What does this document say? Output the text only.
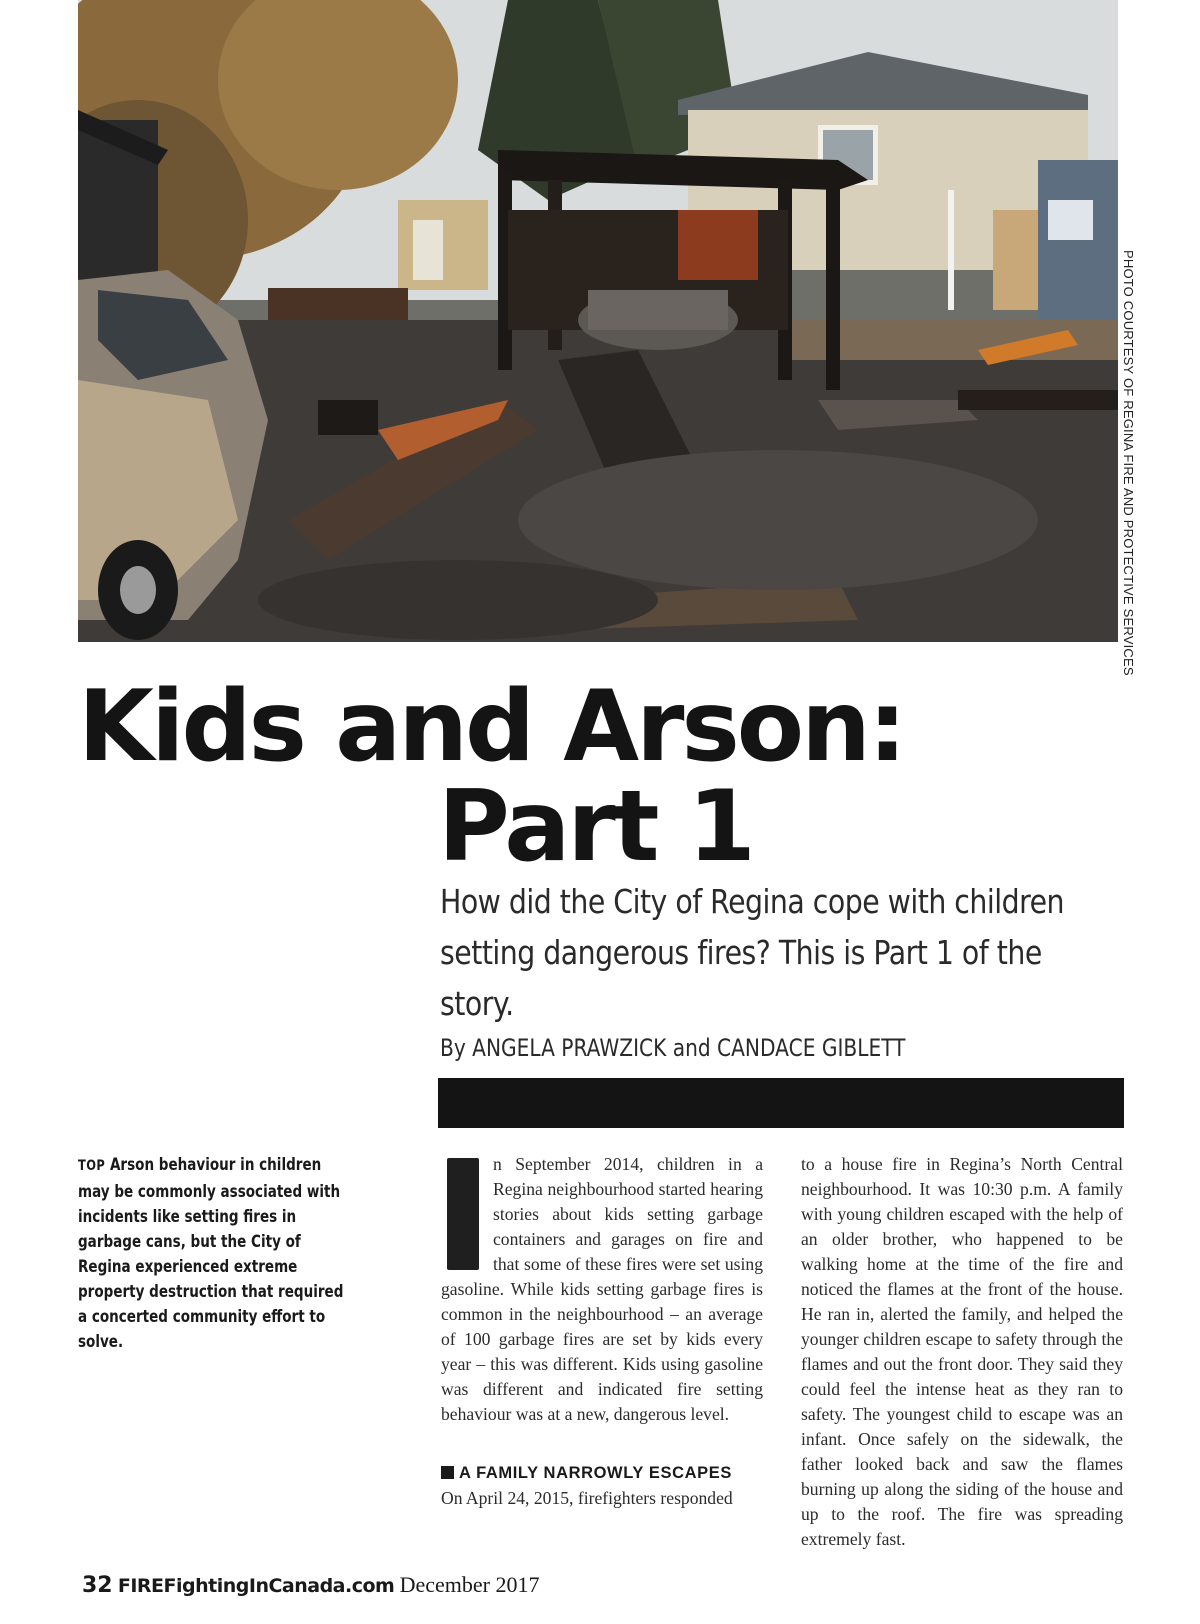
PHOTO COURTESY OF REGINA FIRE AND PROTECTIVE SERVICES
Kids and Arson:
Part 1

How did the City of Regina cope with children setting dangerous fires? This is Part 1 of the story.

By ANGELA PRAWZICK and CANDACE GIBLETT

TOP Arson behaviour in children may be commonly associated with incidents like setting fires in garbage cans, but the City of Regina experienced extreme property destruction that required a concerted community effort to solve.

n September 2014, children in a Regina neighbourhood started hearing stories about kids setting garbage containers and garages on fire and that some of these fires were set using gasoline. While kids setting garbage fires is common in the neighbourhood – an average of 100 garbage fires are set by kids every year – this was different. Kids using gasoline was different and indicated fire setting behaviour was at a new, dangerous level.

A FAMILY NARROWLY ESCAPES

On April 24, 2015, firefighters responded

to a house fire in Regina’s North Central neighbourhood. It was 10:30 p.m. A family with young children escaped with the help of an older brother, who happened to be walking home at the time of the fire and noticed the flames at the front of the house. He ran in, alerted the family, and helped the younger children escape to safety through the flames and out the front door. They said they could feel the intense heat as they ran to safety. The youngest child to escape was an infant. Once safely on the sidewalk, the father looked back and saw the flames burning up along the siding of the house and up to the roof. The fire was spreading extremely fast.

32 FIREFightingInCanada.com December 2017
